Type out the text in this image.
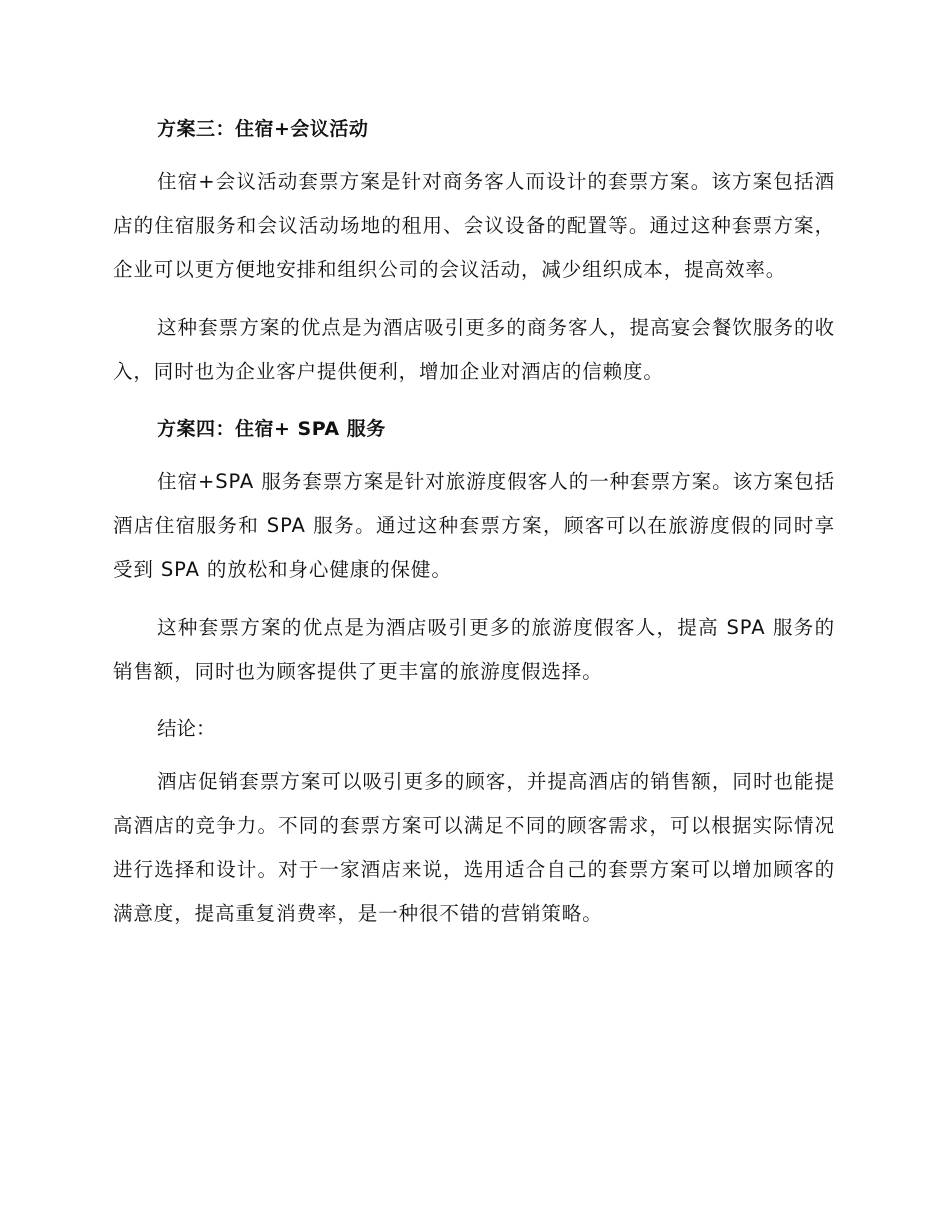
方案三：住宿+会议活动

住宿+会议活动套票方案是针对商务客人而设计的套票方案。该方案包括酒店的住宿服务和会议活动场地的租用、会议设备的配置等。通过这种套票方案，企业可以更方便地安排和组织公司的会议活动，减少组织成本，提高效率。

这种套票方案的优点是为酒店吸引更多的商务客人，提高宴会餐饮服务的收入，同时也为企业客户提供便利，增加企业对酒店的信赖度。

方案四：住宿+ SPA 服务

住宿+SPA 服务套票方案是针对旅游度假客人的一种套票方案。该方案包括酒店住宿服务和 SPA 服务。通过这种套票方案，顾客可以在旅游度假的同时享受到 SPA 的放松和身心健康的保健。

这种套票方案的优点是为酒店吸引更多的旅游度假客人，提高 SPA 服务的销售额，同时也为顾客提供了更丰富的旅游度假选择。

结论：

酒店促销套票方案可以吸引更多的顾客，并提高酒店的销售额，同时也能提高酒店的竞争力。不同的套票方案可以满足不同的顾客需求，可以根据实际情况进行选择和设计。对于一家酒店来说，选用适合自己的套票方案可以增加顾客的满意度，提高重复消费率，是一种很不错的营销策略。
